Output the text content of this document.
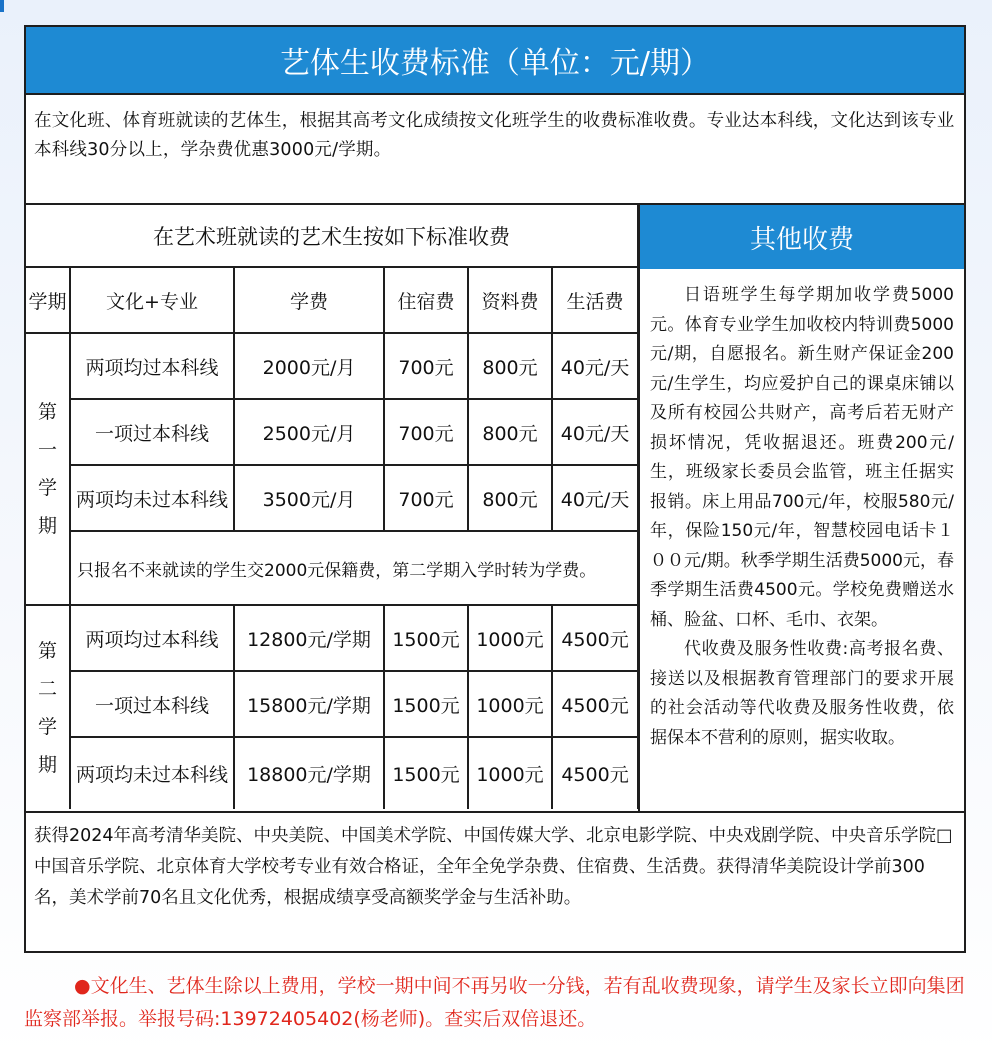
艺体生收费标准（单位：元/期）
在文化班、体育班就读的艺体生，根据其高考文化成绩按文化班学生的收费标准收费。专业达本科线，文化达到该专业本科线30分以上，学杂费优惠3000元/学期。
在艺术班就读的艺术生按如下标准收费					
学期	文化+专业	学费	住宿费	资料费	生活费

第一学期	两项均过本科线	2000元/月	700元	800元	40元/天
	一项过本科线	2500元/月	700元	800元	40元/天
	两项均未过本科线	3500元/月	700元	800元	40元/天
	只报名不来就读的学生交2000元保籍费，第二学期入学时转为学费。				

第二学期	两项均过本科线	12800元/学期	1500元	1000元	4500元
	一项过本科线	15800元/学期	1500元	1000元	4500元
	两项均未过本科线	18800元/学期	1500元	1000元	4500元
其他收费

日语班学生每学期加收学费5000元。体育专业学生加收校内特训费5000元/期，自愿报名。新生财产保证金200元/生学生，均应爱护自己的课桌床铺以及所有校园公共财产，高考后若无财产损坏情况，凭收据退还。班费200元/生，班级家长委员会监管，班主任据实报销。床上用品700元/年，校服580元/年，保险150元/年，智慧校园电话卡１００元/期。秋季学期生活费5000元，春季学期生活费4500元。学校免费赠送水桶、脸盆、口杯、毛巾、衣架。

代收费及服务性收费:高考报名费、接送以及根据教育管理部门的要求开展的社会活动等代收费及服务性收费，依据保本不营利的原则，据实收取。

获得2024年高考清华美院、中央美院、中国美术学院、中国传媒大学、北京电影学院、中央戏剧学院、中央音乐学院□中国音乐学院、北京体育大学校考专业有效合格证，全年全免学杂费、住宿费、生活费。获得清华美院设计学前300名，美术学前70名且文化优秀，根据成绩享受高额奖学金与生活补助。
●文化生、艺体生除以上费用，学校一期中间不再另收一分钱，若有乱收费现象，请学生及家长立即向集团监察部举报。举报号码:13972405402(杨老师)。查实后双倍退还。
